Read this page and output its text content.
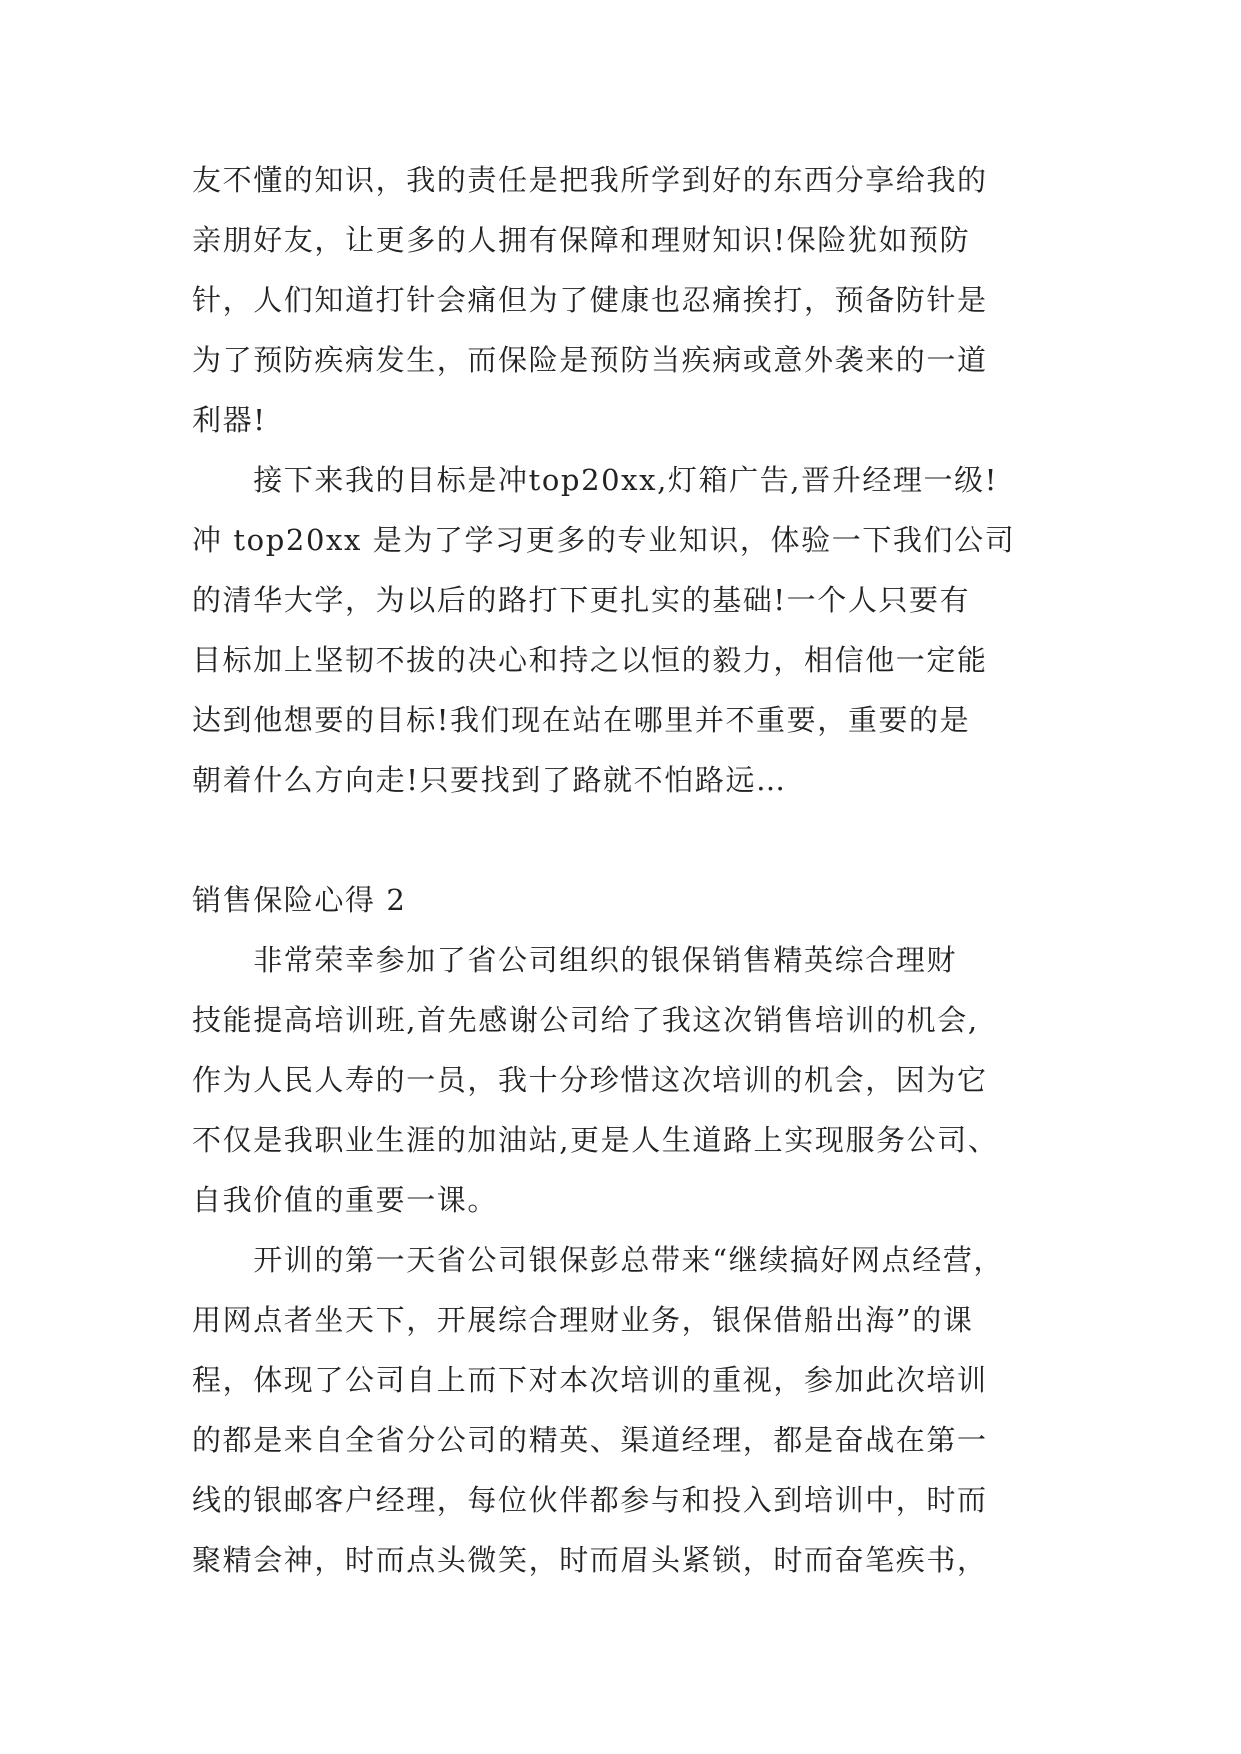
友不懂的知识，我的责任是把我所学到好的东西分享给我的
亲朋好友，让更多的人拥有保障和理财知识!保险犹如预防
针，人们知道打针会痛但为了健康也忍痛挨打，预备防针是
为了预防疾病发生，而保险是预防当疾病或意外袭来的一道
利器!
　　接下来我的目标是冲top20xx,灯箱广告,晋升经理一级!
冲 top20xx 是为了学习更多的专业知识，体验一下我们公司
的清华大学，为以后的路打下更扎实的基础!一个人只要有
目标加上坚韧不拔的决心和持之以恒的毅力，相信他一定能
达到他想要的目标!我们现在站在哪里并不重要，重要的是
朝着什么方向走!只要找到了路就不怕路远…
销售保险心得 2
　　非常荣幸参加了省公司组织的银保销售精英综合理财
技能提高培训班,首先感谢公司给了我这次销售培训的机会,
作为人民人寿的一员，我十分珍惜这次培训的机会，因为它
不仅是我职业生涯的加油站,更是人生道路上实现服务公司、
自我价值的重要一课。
　　开训的第一天省公司银保彭总带来“继续搞好网点经营，
用网点者坐天下，开展综合理财业务，银保借船出海”的课
程，体现了公司自上而下对本次培训的重视，参加此次培训
的都是来自全省分公司的精英、渠道经理，都是奋战在第一
线的银邮客户经理，每位伙伴都参与和投入到培训中，时而
聚精会神，时而点头微笑，时而眉头紧锁，时而奋笔疾书，
